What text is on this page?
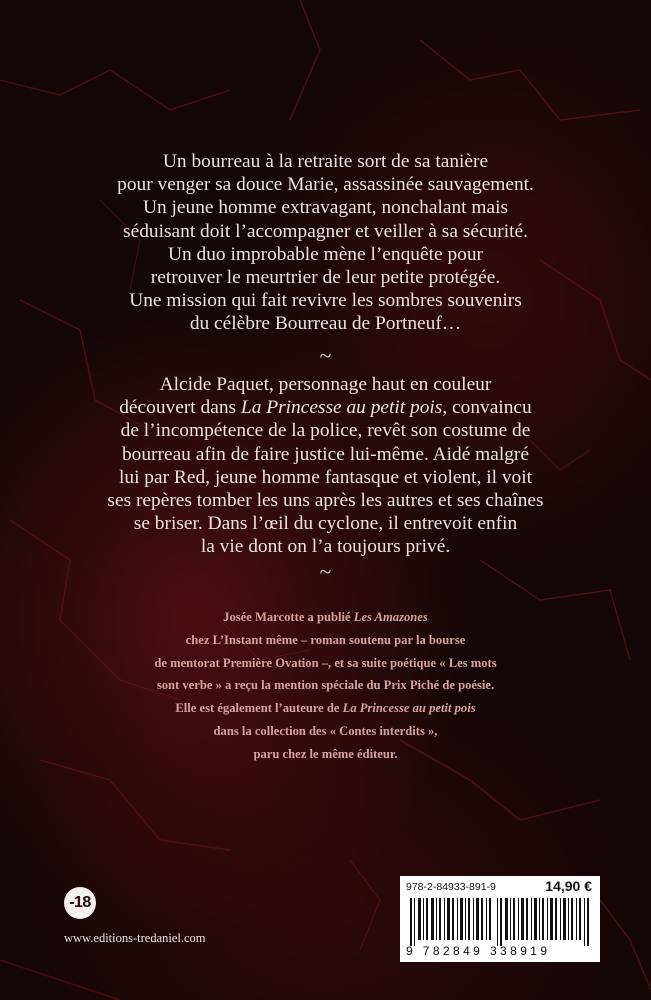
Un bourreau à la retraite sort de sa tanière
pour venger sa douce Marie, assassinée sauvagement.
Un jeune homme extravagant, nonchalant mais
séduisant doit l’accompagner et veiller à sa sécurité.
Un duo improbable mène l’enquête pour
retrouver le meurtrier de leur petite protégée.
Une mission qui fait revivre les sombres souvenirs
du célèbre Bourreau de Portneuf…

~

Alcide Paquet, personnage haut en couleur
découvert dans La Princesse au petit pois, convaincu
de l’incompétence de la police, revêt son costume de
bourreau afin de faire justice lui-même. Aidé malgré
lui par Red, jeune homme fantasque et violent, il voit
ses repères tomber les uns après les autres et ses chaînes
se briser. Dans l’œil du cyclone, il entrevoit enfin
la vie dont on l’a toujours privé.

~

Josée Marcotte a publié Les Amazones
chez L’Instant même – roman soutenu par la bourse
de mentorat Première Ovation –, et sa suite poétique « Les mots
sont verbe » a reçu la mention spéciale du Prix Piché de poésie.
Elle est également l’auteure de La Princesse au petit pois
dans la collection des « Contes interdits »,
paru chez le même éditeur.

-18
www.editions-tredaniel.com
978-2-84933-891-9	14,90 €
9 782849 338919
